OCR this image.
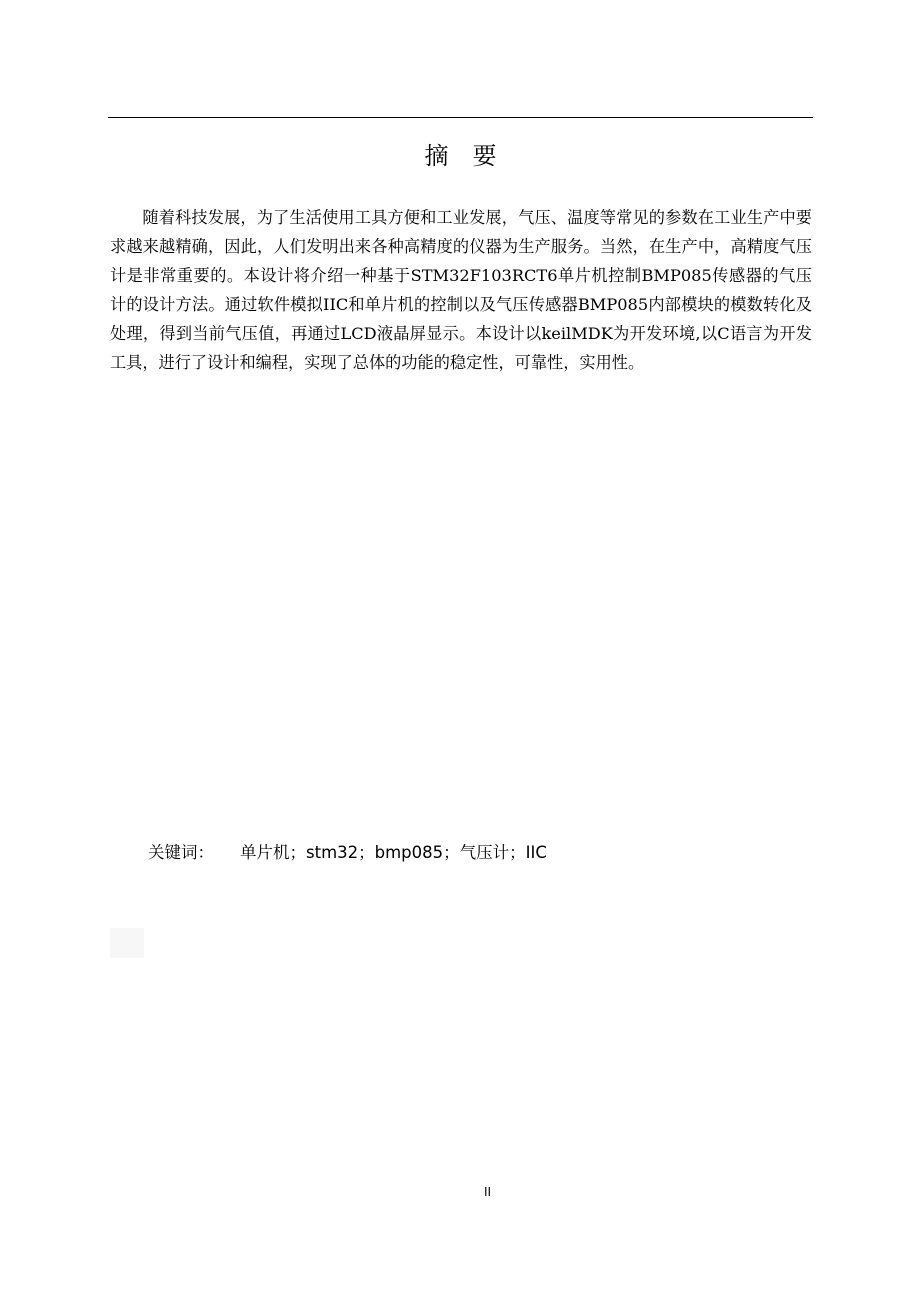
摘　要

随着科技发展，为了生活使用工具方便和工业发展，气压、温度等常见的参数在工业生产中要求越来越精确，因此，人们发明出来各种高精度的仪器为生产服务。当然，在生产中，高精度气压计是非常重要的。本设计将介绍一种基于STM32F103RCT6单片机控制BMP085传感器的气压计的设计方法。通过软件模拟IIC和单片机的控制以及气压传感器BMP085内部模块的模数转化及处理，得到当前气压值，再通过LCD液晶屏显示。本设计以keilMDK为开发环境,以C语言为开发工具，进行了设计和编程，实现了总体的功能的稳定性，可靠性，实用性。

关键词： 单片机；stm32；bmp085；气压计；IIC
II
